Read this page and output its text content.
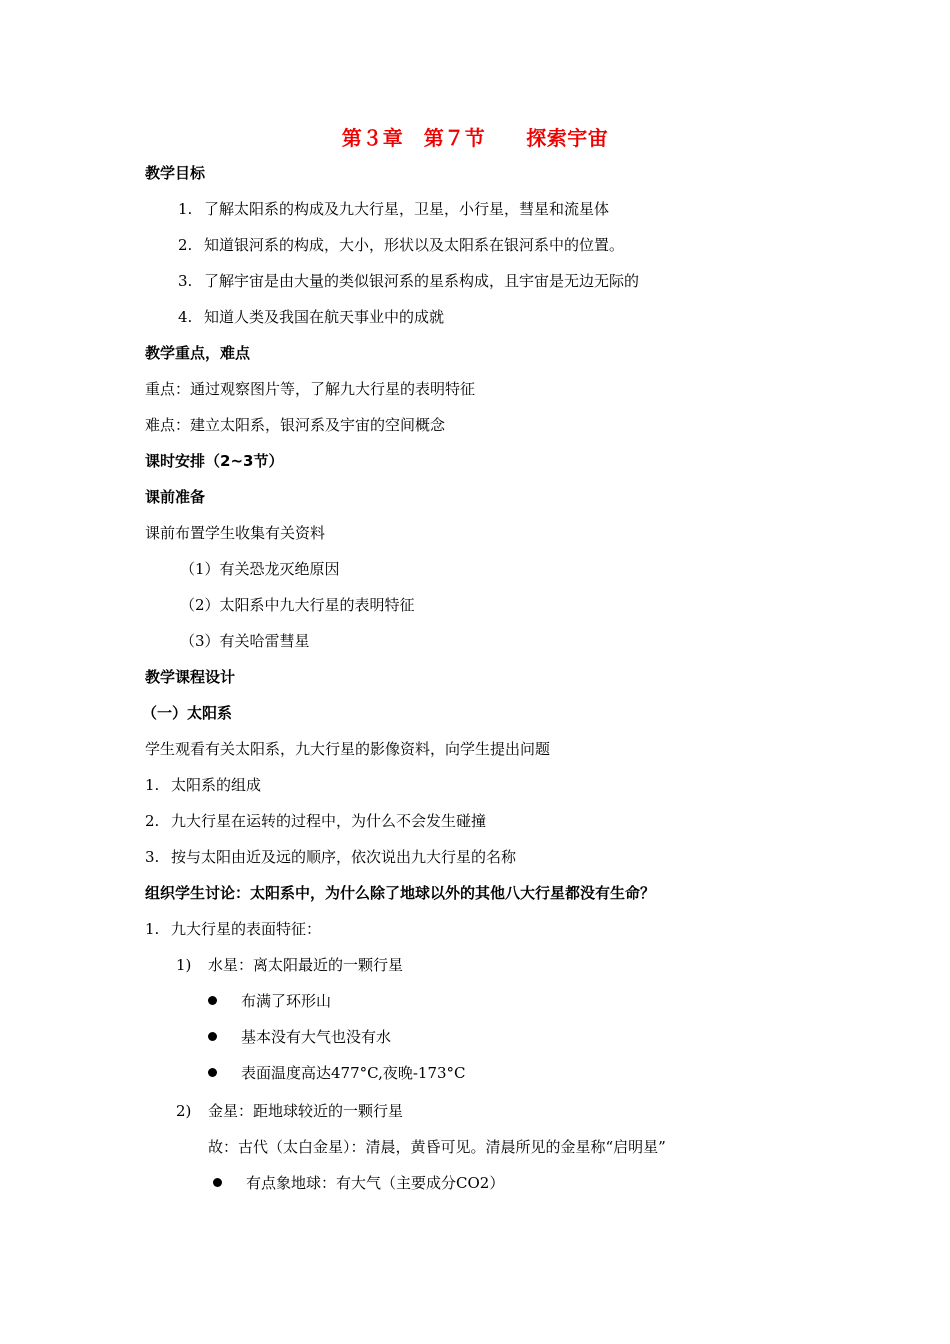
第３章　第７节　　探索宇宙
教学目标
1. 了解太阳系的构成及九大行星，卫星，小行星，彗星和流星体
2. 知道银河系的构成，大小，形状以及太阳系在银河系中的位置。
3. 了解宇宙是由大量的类似银河系的星系构成，且宇宙是无边无际的
4. 知道人类及我国在航天事业中的成就
教学重点，难点
重点：通过观察图片等，了解九大行星的表明特征
难点：建立太阳系，银河系及宇宙的空间概念
课时安排（2~3节）
课前准备
课前布置学生收集有关资料
（1）有关恐龙灭绝原因
（2）太阳系中九大行星的表明特征
（3）有关哈雷彗星
教学课程设计
（一）太阳系
学生观看有关太阳系，九大行星的影像资料，向学生提出问题
1. 太阳系的组成
2. 九大行星在运转的过程中，为什么不会发生碰撞
3. 按与太阳由近及远的顺序，依次说出九大行星的名称
组织学生讨论：太阳系中，为什么除了地球以外的其他八大行星都没有生命？
1. 九大行星的表面特征：
1) 水星：离太阳最近的一颗行星
布满了环形山
基本没有大气也没有水
表面温度高达477°C,夜晚-173°C
2) 金星：距地球较近的一颗行星
故：古代（太白金星）：清晨，黄昏可见。清晨所见的金星称“启明星”
有点象地球：有大气（主要成分CO2）
